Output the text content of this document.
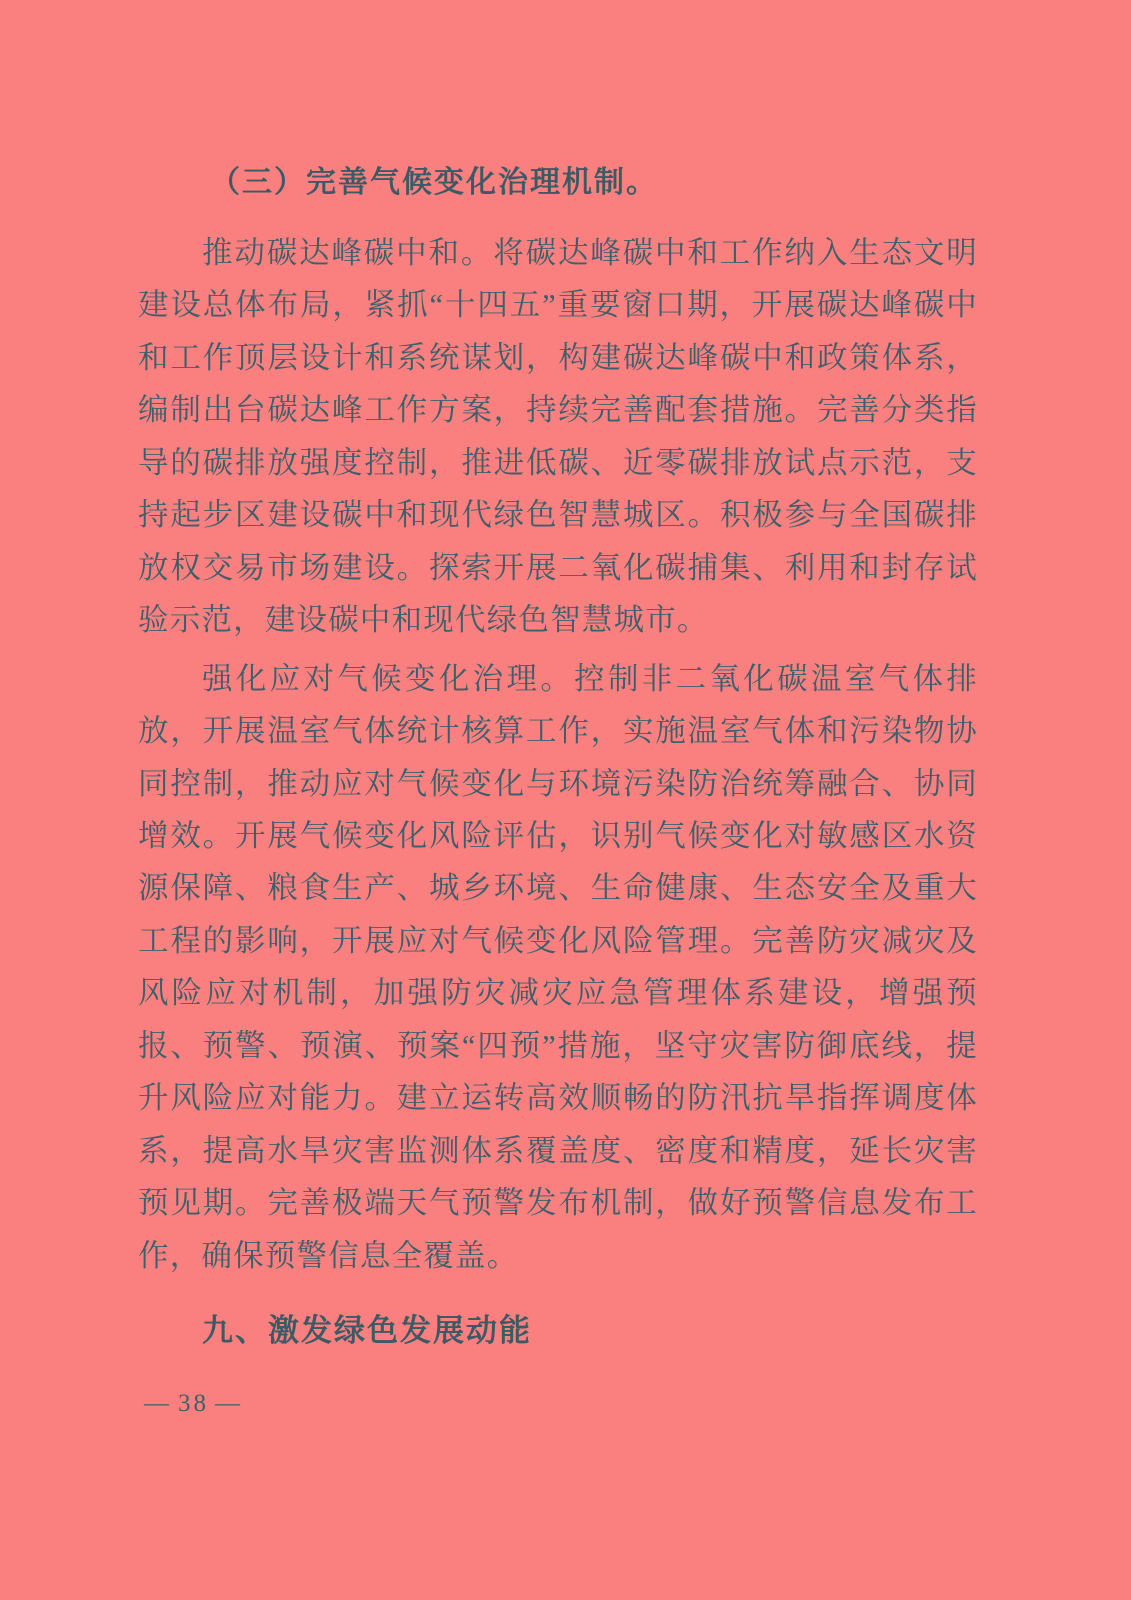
（三）完善气候变化治理机制。

推动碳达峰碳中和。将碳达峰碳中和工作纳入生态文明建设总体布局，紧抓“十四五”重要窗口期，开展碳达峰碳中和工作顶层设计和系统谋划，构建碳达峰碳中和政策体系，编制出台碳达峰工作方案，持续完善配套措施。完善分类指导的碳排放强度控制，推进低碳、近零碳排放试点示范，支持起步区建设碳中和现代绿色智慧城区。积极参与全国碳排放权交易市场建设。探索开展二氧化碳捕集、利用和封存试验示范，建设碳中和现代绿色智慧城市。

强化应对气候变化治理。控制非二氧化碳温室气体排放，开展温室气体统计核算工作，实施温室气体和污染物协同控制，推动应对气候变化与环境污染防治统筹融合、协同增效。开展气候变化风险评估，识别气候变化对敏感区水资源保障、粮食生产、城乡环境、生命健康、生态安全及重大工程的影响，开展应对气候变化风险管理。完善防灾减灾及风险应对机制，加强防灾减灾应急管理体系建设，增强预报、预警、预演、预案“四预”措施，坚守灾害防御底线，提升风险应对能力。建立运转高效顺畅的防汛抗旱指挥调度体系，提高水旱灾害监测体系覆盖度、密度和精度，延长灾害预见期。完善极端天气预警发布机制，做好预警信息发布工作，确保预警信息全覆盖。

九、激发绿色发展动能
— 38 —
